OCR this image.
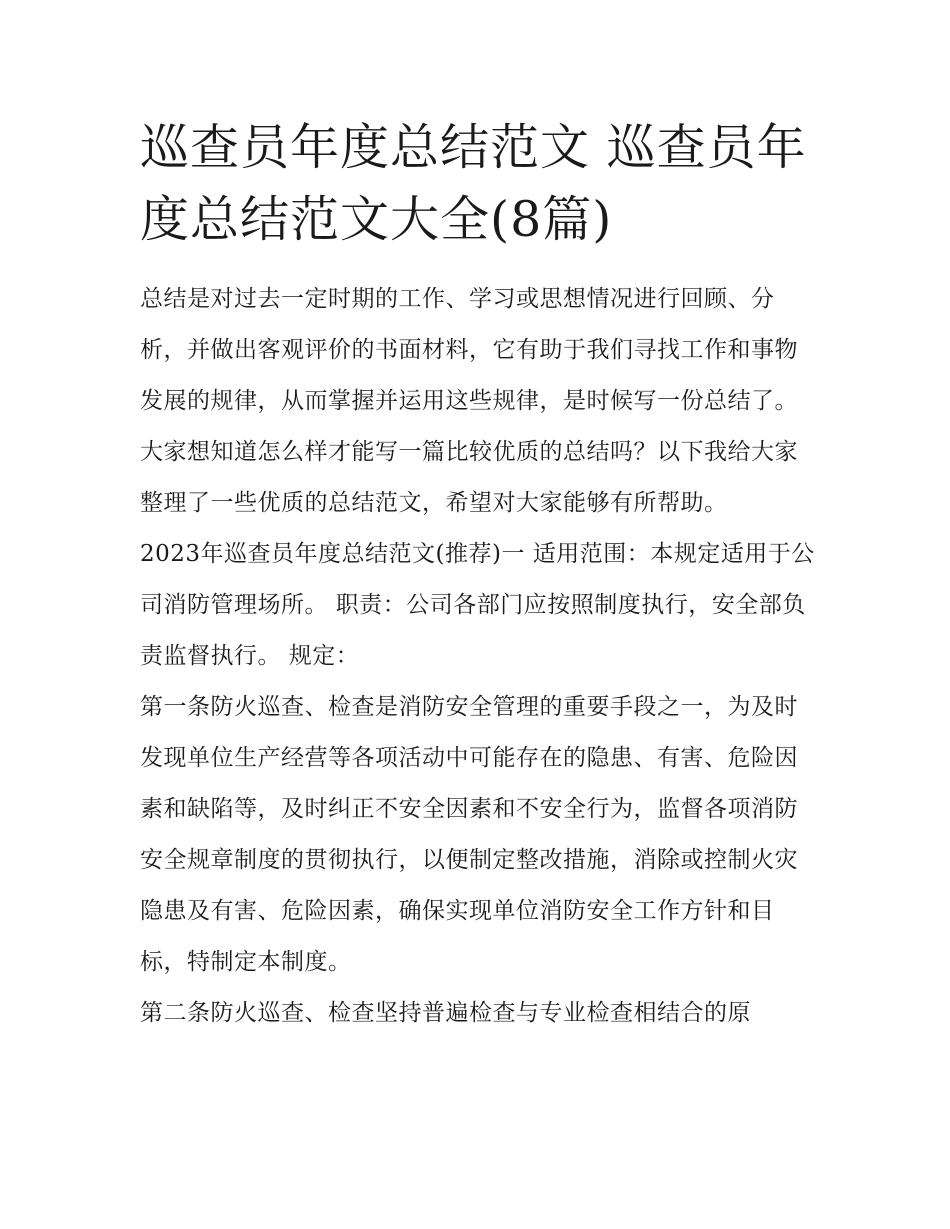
巡查员年度总结范文 巡查员年度总结范文大全(8篇)

总结是对过去一定时期的工作、学习或思想情况进行回顾、分析，并做出客观评价的书面材料，它有助于我们寻找工作和事物发展的规律，从而掌握并运用这些规律，是时候写一份总结了。大家想知道怎么样才能写一篇比较优质的总结吗？以下我给大家整理了一些优质的总结范文，希望对大家能够有所帮助。

2023年巡查员年度总结范文(推荐)一 适用范围：本规定适用于公司消防管理场所。 职责：公司各部门应按照制度执行，安全部负责监督执行。 规定：

第一条防火巡查、检查是消防安全管理的重要手段之一，为及时发现单位生产经营等各项活动中可能存在的隐患、有害、危险因素和缺陷等，及时纠正不安全因素和不安全行为，监督各项消防安全规章制度的贯彻执行，以便制定整改措施，消除或控制火灾隐患及有害、危险因素，确保实现单位消防安全工作方针和目标，特制定本制度。

第二条防火巡查、检查坚持普遍检查与专业检查相结合的原
